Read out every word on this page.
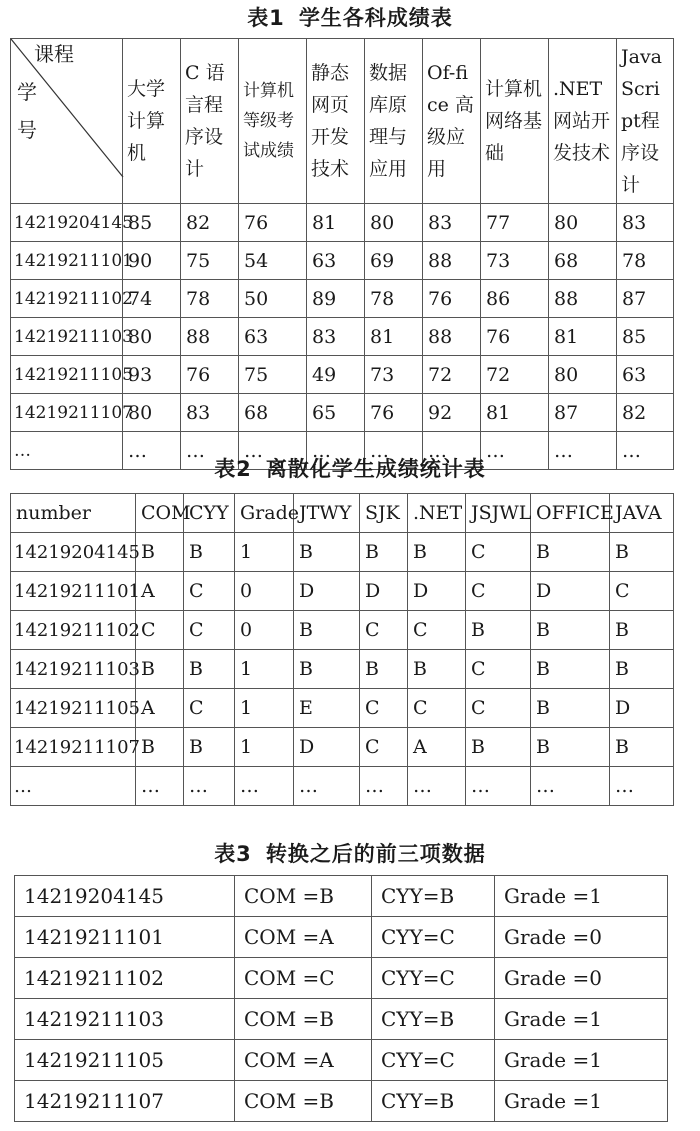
表1 学生各科成绩表
课程
学号	大学计算机	C 语言程序设计	计算机等级考试成绩	静态网页开发技术	数据库原理与应用	Of-fice 高级应用	计算机网络基础	.NET网站开发技术	JavaScript程序设计
14219204145	85	82	76	81	80	83	77	80	83
14219211101	90	75	54	63	69	88	73	68	78
14219211102	74	78	50	89	78	76	86	88	87
14219211103	80	88	63	83	81	88	76	81	85
14219211105	93	76	75	49	73	72	72	80	63
14219211107	80	83	68	65	76	92	81	87	82
…	…	…	…	…	…	…	…	…	…
表2 离散化学生成绩统计表
number	COM	CYY	Grade	JTWY	SJK	.NET	JSJWL	OFFICE	JAVA
14219204145	B	B	1	B	B	B	C	B	B
14219211101	A	C	0	D	D	D	C	D	C
14219211102	C	C	0	B	C	C	B	B	B
14219211103	B	B	1	B	B	B	C	B	B
14219211105	A	C	1	E	C	C	C	B	D
14219211107	B	B	1	D	C	A	B	B	B
…	…	…	…	…	…	…	…	…	…
表3 转换之后的前三项数据
14219204145	COM =B	CYY=B	Grade =1
14219211101	COM =A	CYY=C	Grade =0
14219211102	COM =C	CYY=C	Grade =0
14219211103	COM =B	CYY=B	Grade =1
14219211105	COM =A	CYY=C	Grade =1
14219211107	COM =B	CYY=B	Grade =1
